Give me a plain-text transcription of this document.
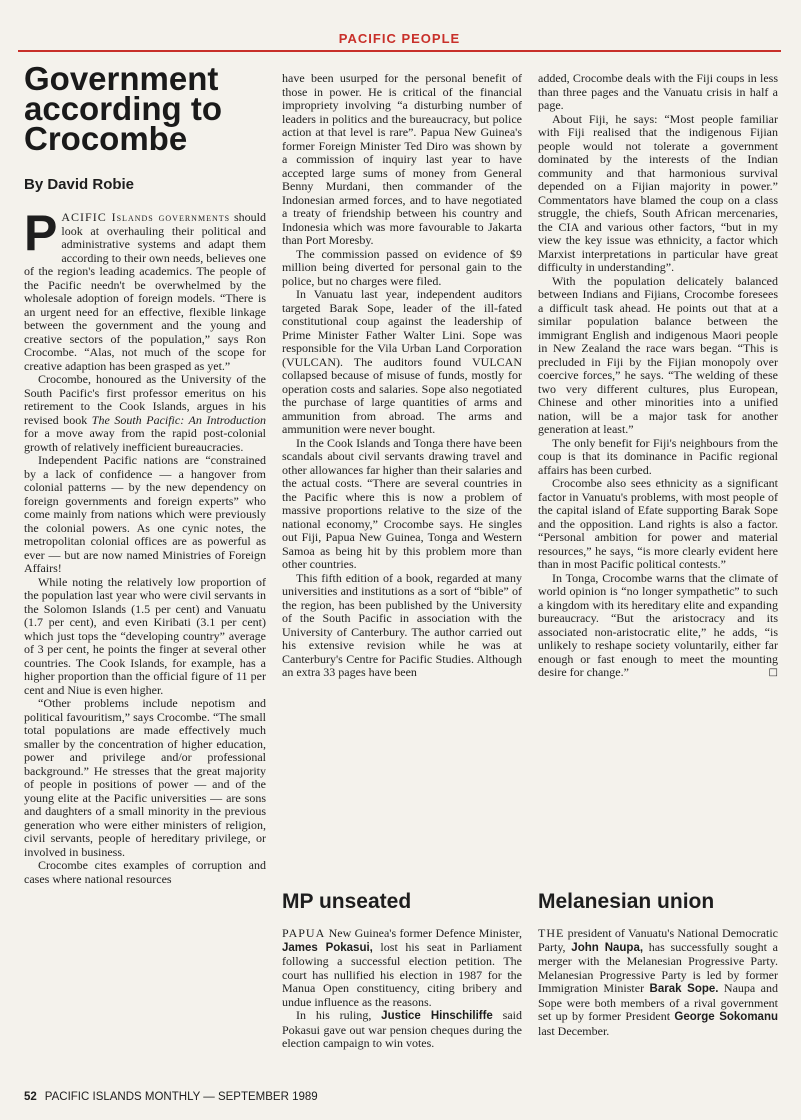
PACIFIC PEOPLE
Government according to Crocombe
By David Robie

PACIFIC Islands governments should look at overhauling their political and administrative systems and adapt them according to their own needs, believes one of the region's leading academics. The people of the Pacific needn't be overwhelmed by the wholesale adoption of foreign models. “There is an urgent need for an effective, flexible linkage between the government and the young and creative sectors of the population,” says Ron Crocombe. “Alas, not much of the scope for creative adaption has been grasped as yet.”

Crocombe, honoured as the University of the South Pacific's first professor emeritus on his retirement to the Cook Islands, argues in his revised book The South Pacific: An Introduction for a move away from the rapid post-colonial growth of relatively inefficient bureaucracies.

Independent Pacific nations are “constrained by a lack of confidence — a hangover from colonial patterns — by the new dependency on foreign governments and foreign experts” who come mainly from nations which were previously the colonial powers. As one cynic notes, the metropolitan colonial offices are as powerful as ever — but are now named Ministries of Foreign Affairs!

While noting the relatively low proportion of the population last year who were civil servants in the Solomon Islands (1.5 per cent) and Vanuatu (1.7 per cent), and even Kiribati (3.1 per cent) which just tops the “developing country” average of 3 per cent, he points the finger at several other countries. The Cook Islands, for example, has a higher proportion than the official figure of 11 per cent and Niue is even higher.

“Other problems include nepotism and political favouritism,” says Crocombe. “The small total populations are made effectively much smaller by the concentration of higher education, power and privilege and/or professional background.” He stresses that the great majority of people in positions of power — and of the young elite at the Pacific universities — are sons and daughters of a small minority in the previous generation who were either ministers of religion, civil servants, people of hereditary privilege, or involved in business.

Crocombe cites examples of corruption and cases where national resources

have been usurped for the personal benefit of those in power. He is critical of the financial impropriety involving “a disturbing number of leaders in politics and the bureaucracy, but police action at that level is rare”. Papua New Guinea's former Foreign Minister Ted Diro was shown by a commission of inquiry last year to have accepted large sums of money from General Benny Murdani, then commander of the Indonesian armed forces, and to have negotiated a treaty of friendship between his country and Indonesia which was more favourable to Jakarta than Port Moresby.

The commission passed on evidence of $9 million being diverted for personal gain to the police, but no charges were filed.

In Vanuatu last year, independent auditors targeted Barak Sope, leader of the ill-fated constitutional coup against the leadership of Prime Minister Father Walter Lini. Sope was responsible for the Vila Urban Land Corporation (VULCAN). The auditors found VULCAN collapsed because of misuse of funds, mostly for operation costs and salaries. Sope also negotiated the purchase of large quantities of arms and ammunition from abroad. The arms and ammunition were never bought.

In the Cook Islands and Tonga there have been scandals about civil servants drawing travel and other allowances far higher than their salaries and the actual costs. “There are several countries in the Pacific where this is now a problem of massive proportions relative to the size of the national economy,” Crocombe says. He singles out Fiji, Papua New Guinea, Tonga and Western Samoa as being hit by this problem more than other countries.

This fifth edition of a book, regarded at many universities and institutions as a sort of “bible” of the region, has been published by the University of the South Pacific in association with the University of Canterbury. The author carried out his extensive revision while he was at Canterbury's Centre for Pacific Studies. Although an extra 33 pages have been

added, Crocombe deals with the Fiji coups in less than three pages and the Vanuatu crisis in half a page.

About Fiji, he says: “Most people familiar with Fiji realised that the indigenous Fijian people would not tolerate a government dominated by the interests of the Indian community and that harmonious survival depended on a Fijian majority in power.” Commentators have blamed the coup on a class struggle, the chiefs, South African mercenaries, the CIA and various other factors, “but in my view the key issue was ethnicity, a factor which Marxist interpretations in particular have great difficulty in understanding”.

With the population delicately balanced between Indians and Fijians, Crocombe foresees a difficult task ahead. He points out that at a similar population balance between the immigrant English and indigenous Maori people in New Zealand the race wars began. “This is precluded in Fiji by the Fijian monopoly over coercive forces,” he says. “The welding of these two very different cultures, plus European, Chinese and other minorities into a unified nation, will be a major task for another generation at least.”

The only benefit for Fiji's neighbours from the coup is that its dominance in Pacific regional affairs has been curbed.

Crocombe also sees ethnicity as a significant factor in Vanuatu's problems, with most people of the capital island of Efate supporting Barak Sope and the opposition. Land rights is also a factor. “Personal ambition for power and material resources,” he says, “is more clearly evident here than in most Pacific political contests.”

In Tonga, Crocombe warns that the climate of world opinion is “no longer sympathetic” to such a kingdom with its hereditary elite and expanding bureaucracy. “But the aristocracy and its associated non-aristocratic elite,” he adds, “is unlikely to reshape society voluntarily, either far enough or fast enough to meet the mounting desire for change.”	□

MP unseated

PAPUA New Guinea's former Defence Minister, James Pokasui, lost his seat in Parliament following a successful election petition. The court has nullified his election in 1987 for the Manua Open constituency, citing bribery and undue influence as the reasons.

In his ruling, Justice Hinschiliffe said Pokasui gave out war pension cheques during the election campaign to win votes.

Melanesian union

THE president of Vanuatu's National Democratic Party, John Naupa, has successfully sought a merger with the Melanesian Progressive Party. Melanesian Progressive Party is led by former Immigration Minister Barak Sope. Naupa and Sope were both members of a rival government set up by former President George Sokomanu last December.

52 PACIFIC ISLANDS MONTHLY — SEPTEMBER 1989
